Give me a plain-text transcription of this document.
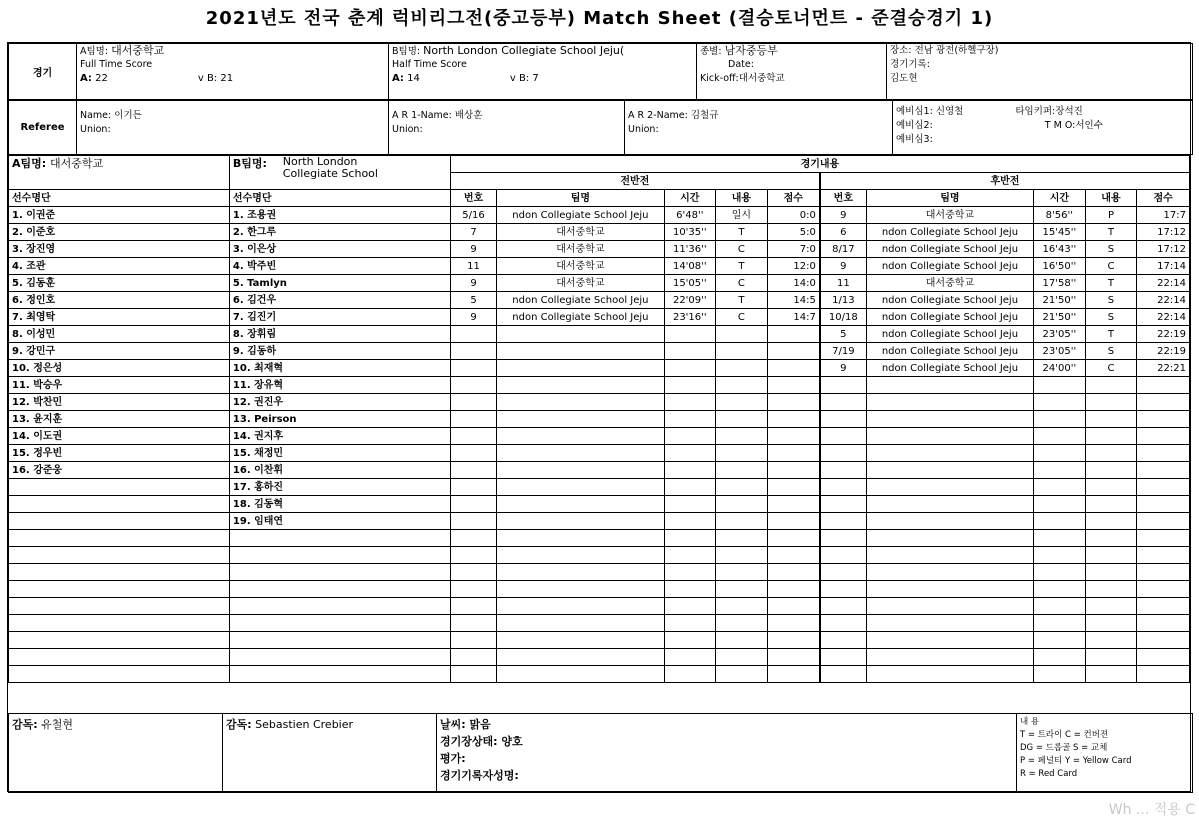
2021년도 전국 춘계 럭비리그전(중고등부) Match Sheet (결승토너먼트 - 준결승경기 1)
경기	
A팀명: 대서중학교
Full Time Score
A: 22	v B: 21

B팀명: North London Collegiate School Jeju(
Half Time Score
A: 14	v B: 7

종별: 남자중등부
Date:
Kick-off:대서중학교

장소: 전남 광전(하헬구장)
경기기록:
김도현
Referee	
Name: 이기든
Union:

A R 1-Name: 배상훈
Union:

A R 2-Name: 김철규
Union:

예비심1: 신영철	타임키퍼:장석진
예비심2:	T M O:서인수
예비심3:
A팀명: 대서중학교	B팀명: North London
Collegiate School	경기내용									
		전반전					후반전				
선수명단	선수명단	번호	팀명	시간	내용	점수	번호	팀명	시간	내용	점수
1. 이권준	1. 조용권	5/16	ndon Collegiate School Jeju	6'48''	일시	0:0	9	대서중학교	8'56''	P	17:7
2. 이준호	2. 한그루	7	대서중학교	10'35''	T	5:0	6	ndon Collegiate School Jeju	15'45''	T	17:12
3. 장진영	3. 이은상	9	대서중학교	11'36''	C	7:0	8/17	ndon Collegiate School Jeju	16'43''	S	17:12
4. 조관	4. 박주빈	11	대서중학교	14'08''	T	12:0	9	ndon Collegiate School Jeju	16'50''	C	17:14
5. 김동훈	5. Tamlyn	9	대서중학교	15'05''	C	14:0	11	대서중학교	17'58''	T	22:14
6. 정인호	6. 김건우	5	ndon Collegiate School Jeju	22'09''	T	14:5	1/13	ndon Collegiate School Jeju	21'50''	S	22:14
7. 최영탁	7. 김진기	9	ndon Collegiate School Jeju	23'16''	C	14:7	10/18	ndon Collegiate School Jeju	21'50''	S	22:14
8. 이성민	8. 장휘림						5	ndon Collegiate School Jeju	23'05''	T	22:19
9. 강민구	9. 김동하						7/19	ndon Collegiate School Jeju	23'05''	S	22:19
10. 정은성	10. 최재혁						9	ndon Collegiate School Jeju	24'00''	C	22:21
11. 박승우	11. 장유혁										
12. 박찬민	12. 권진우										
13. 윤지훈	13. Peirson										
14. 이도권	14. 권지후										
15. 정우빈	15. 채정민										
16. 강준웅	16. 이찬휘										
	17. 홍하진										
	18. 김동혁										
	19. 임태연										

감독: 유철현	감독: Sebastien Crebier	날씨: 맑음
경기장상태: 양호
평가:
경기기록자성명:

내 용
T = 트라이 C = 컨버젼
DG = 드롭골 S = 교체
P = 페널티 Y = Yellow Card
R = Red Card
Wh ... 적용 C
